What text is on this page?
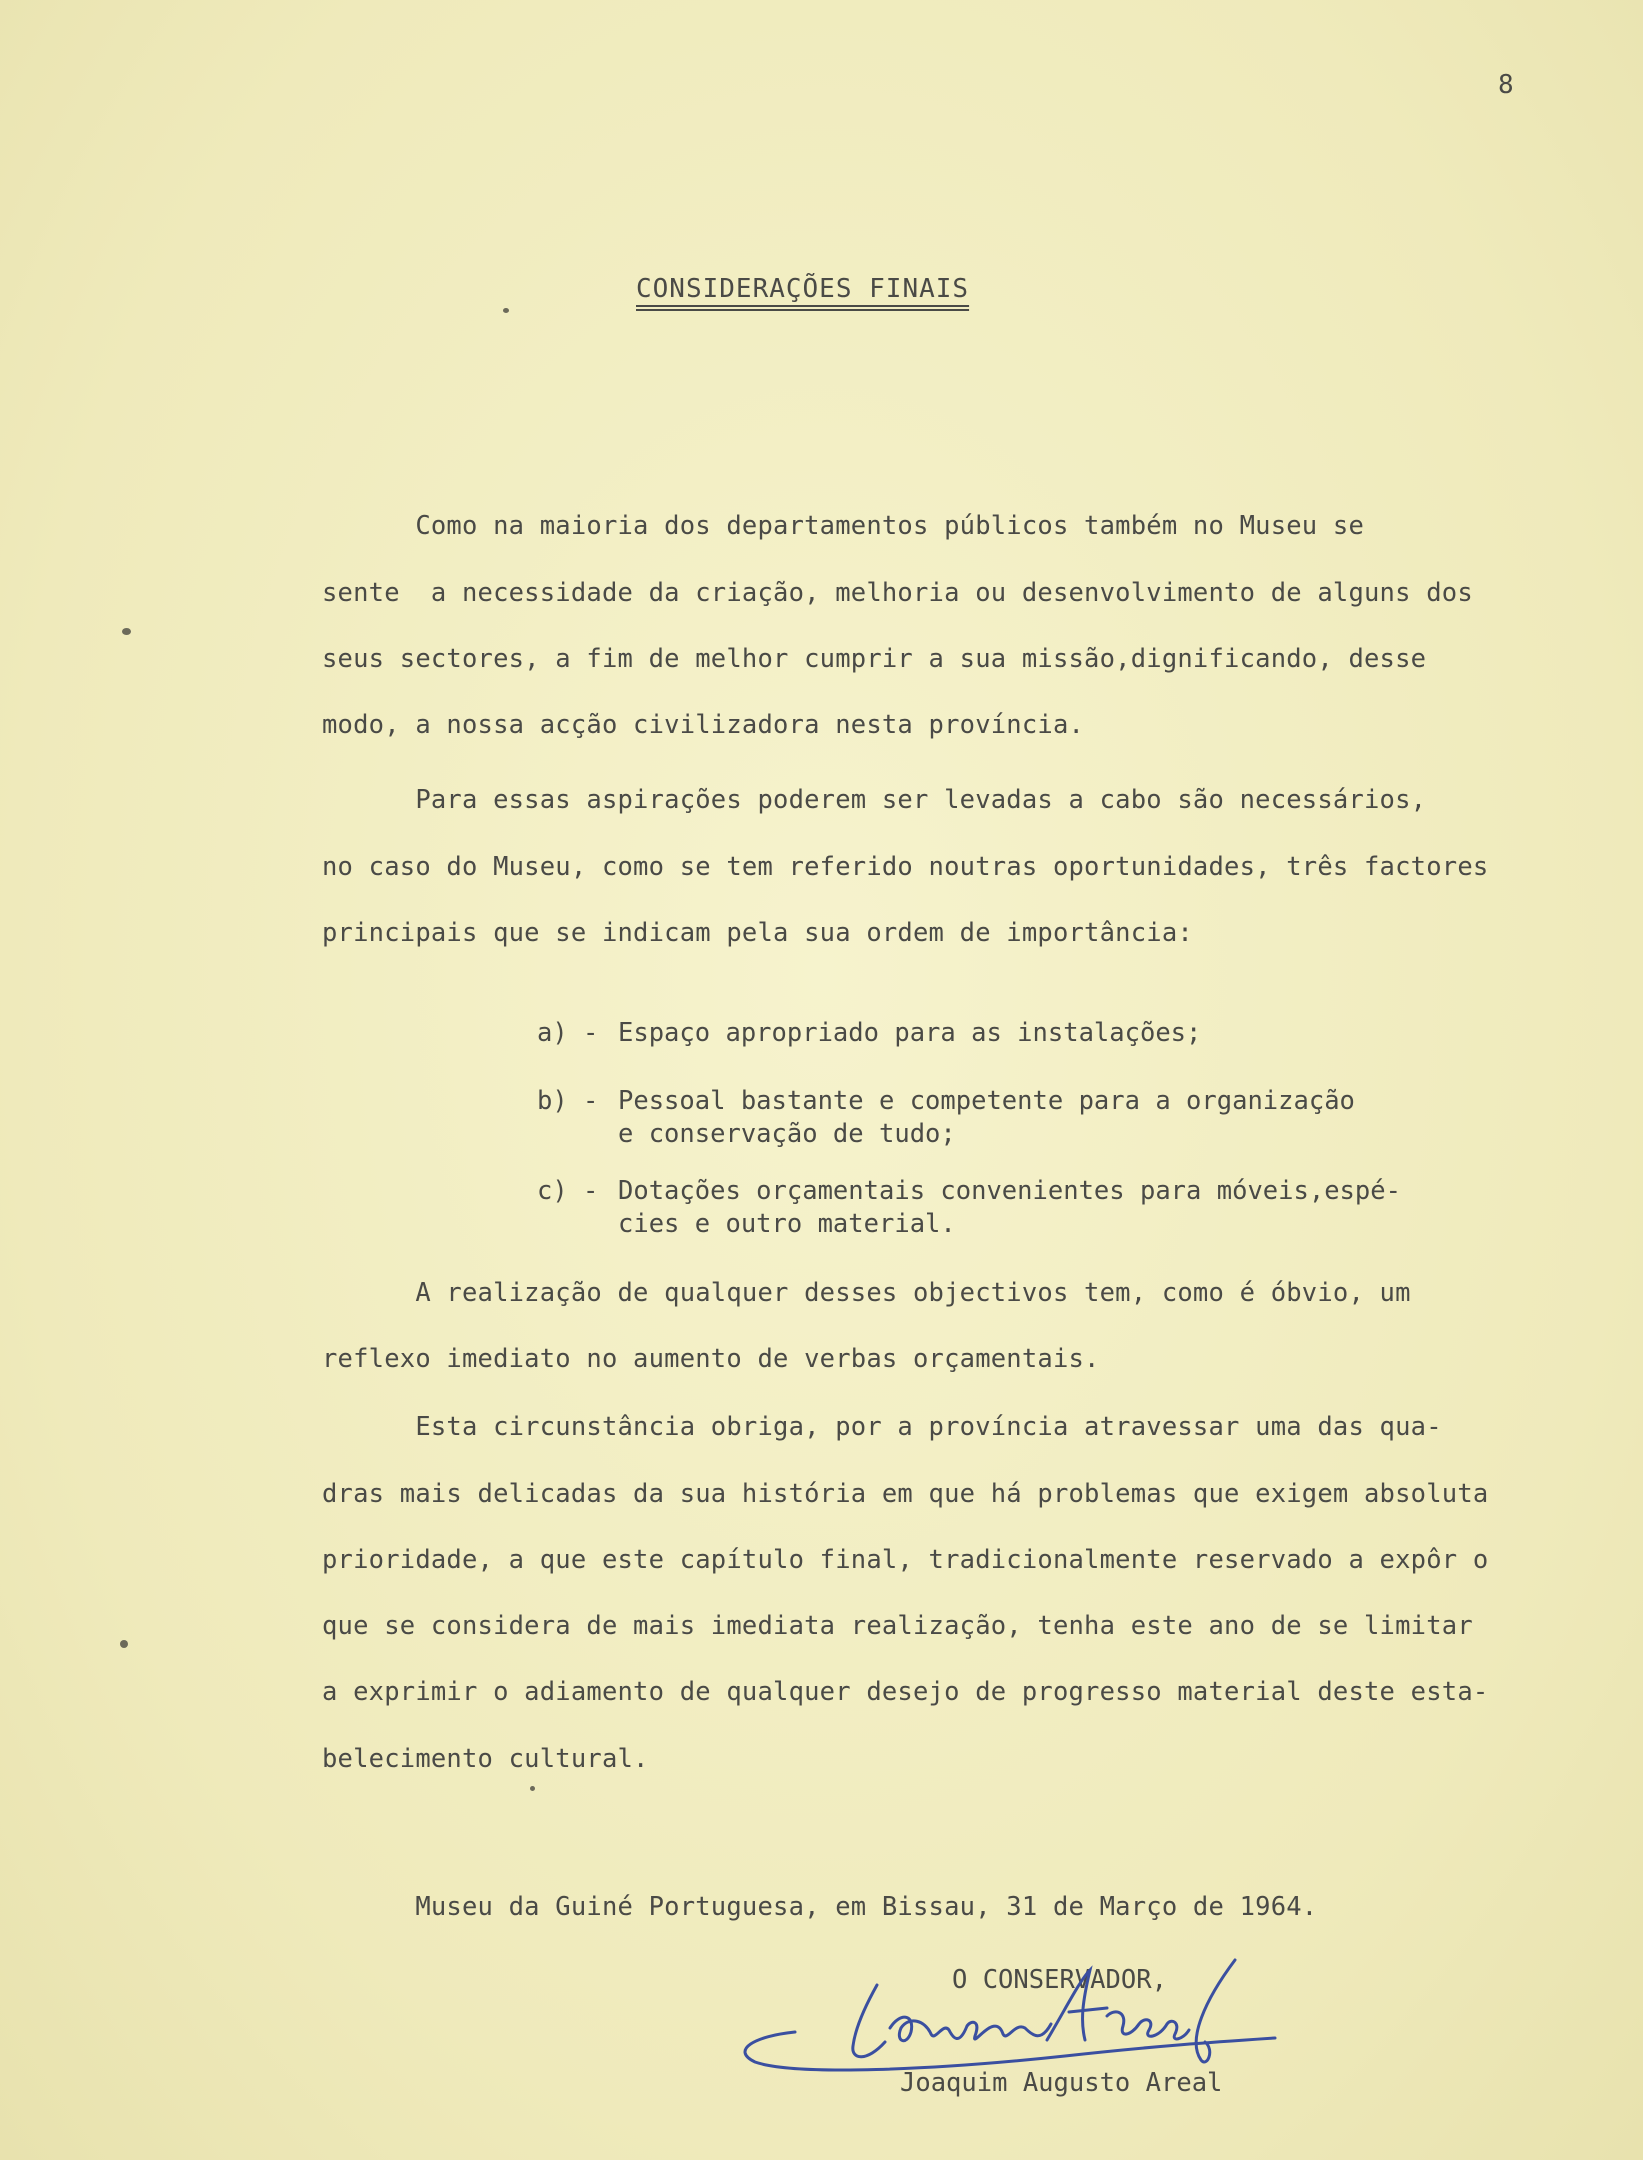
8
CONSIDERAÇÕES FINAIS
Como na maioria dos departamentos públicos também no Museu se
sente  a necessidade da criação, melhoria ou desenvolvimento de alguns dos
seus sectores, a fim de melhor cumprir a sua missão,dignificando, desse
modo, a nossa acção civilizadora nesta província.
Para essas aspirações poderem ser levadas a cabo são necessários,
no caso do Museu, como se tem referido noutras oportunidades, três factores
principais que se indicam pela sua ordem de importância:
a) - Espaço apropriado para as instalações;
b) - Pessoal bastante e competente para a organização
e conservação de tudo;
c) - Dotações orçamentais convenientes para móveis,espé-
cies e outro material.
A realização de qualquer desses objectivos tem, como é óbvio, um
reflexo imediato no aumento de verbas orçamentais.
Esta circunstância obriga, por a província atravessar uma das qua-
dras mais delicadas da sua história em que há problemas que exigem absoluta
prioridade, a que este capítulo final, tradicionalmente reservado a expôr o
que se considera de mais imediata realização, tenha este ano de se limitar
a exprimir o adiamento de qualquer desejo de progresso material deste esta-
belecimento cultural.
Museu da Guiné Portuguesa, em Bissau, 31 de Março de 1964.
O CONSERVADOR,
Joaquim Augusto Areal
